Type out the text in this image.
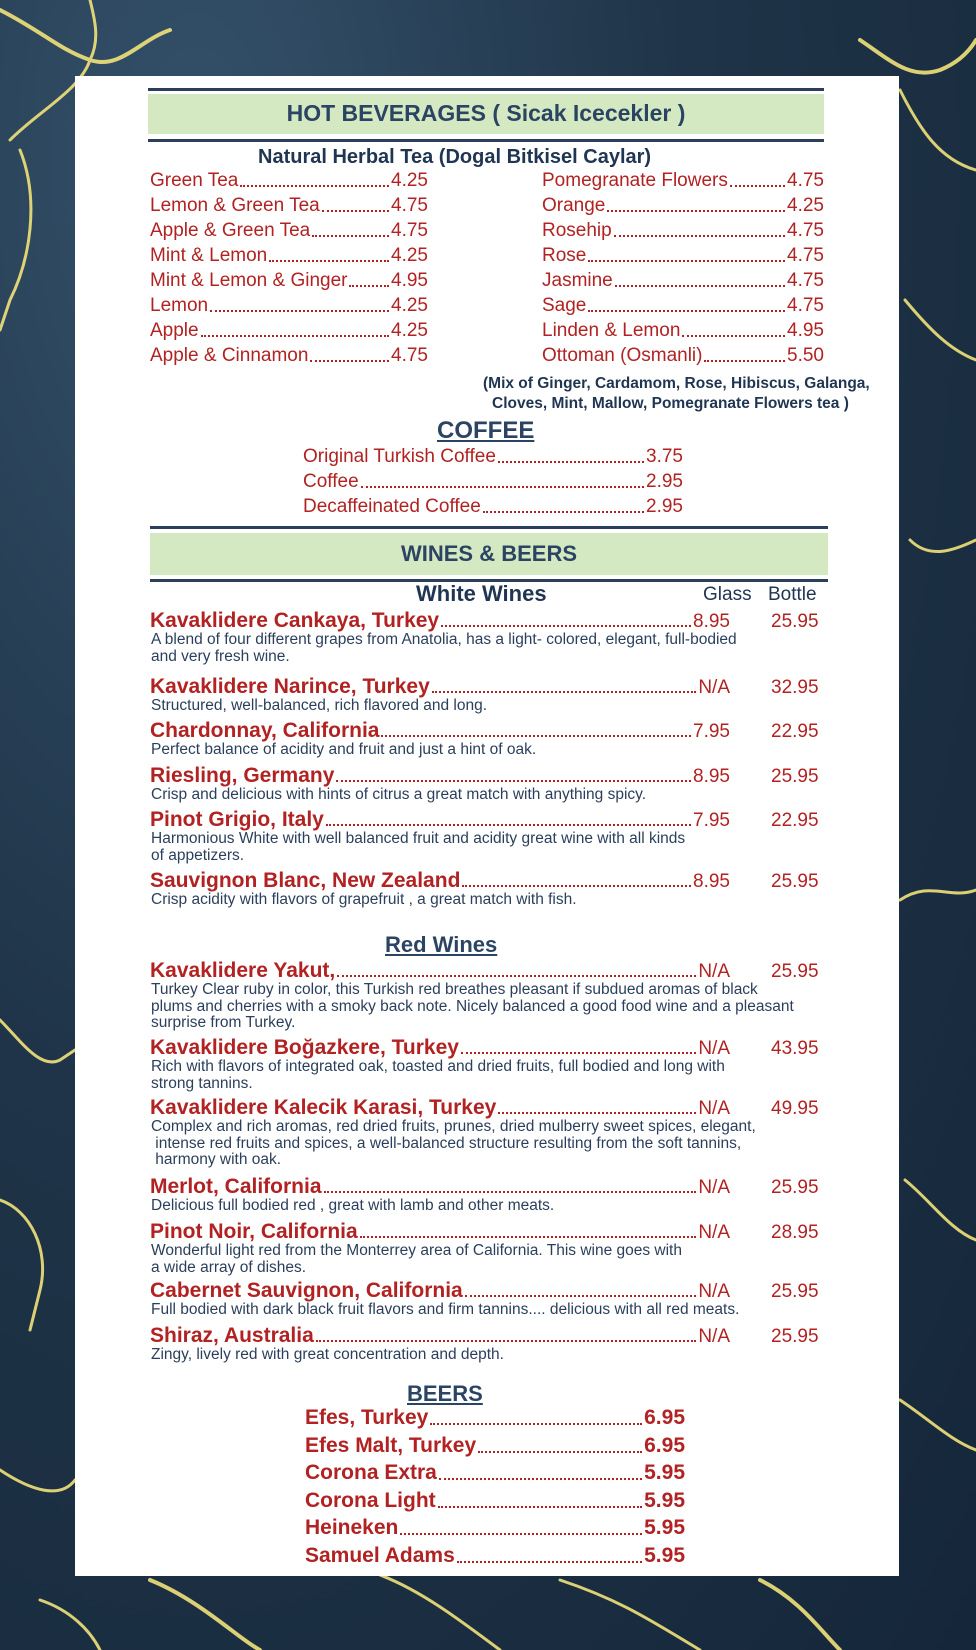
HOT BEVERAGES ( Sicak Icecekler )
Natural Herbal Tea (Dogal Bitkisel Caylar)
Green Tea	4.25
Lemon & Green Tea	4.75
Apple & Green Tea	4.75
Mint & Lemon	4.25
Mint & Lemon & Ginger 4.95
Lemon	4.25
Apple	4.25
Apple & Cinnamon	4.75
Pomegranate Flowers	4.75
Orange	4.25
Rosehip	4.75
Rose	4.75
Jasmine	4.75
Sage	4.75
Linden & Lemon	4.95
Ottoman (Osmanli)	5.50
(Mix of Ginger, Cardamom, Rose, Hibiscus, Galanga,
Cloves, Mint, Mallow, Pomegranate Flowers tea )
COFFEE
Original Turkish Coffee	3.75
Coffee	2.95
Decaffeinated Coffee	2.95
WINES & BEERS
White Wines	Glass Bottle
Kavaklidere Cankaya, Turkey	8.95 25.95
A blend of four different grapes from Anatolia, has a light- colored, elegant, full-bodied
and very fresh wine.
Kavaklidere Narince, Turkey	N/A 32.95
Structured, well-balanced, rich flavored and long.
Chardonnay, California	7.95 22.95
Perfect balance of acidity and fruit and just a hint of oak.
Riesling, Germany	8.95 25.95
Crisp and delicious with hints of citrus a great match with anything spicy.
Pinot Grigio, Italy	7.95 22.95
Harmonious White with well balanced fruit and acidity great wine with all kinds
of appetizers.
Sauvignon Blanc, New Zealand	8.95 25.95
Crisp acidity with flavors of grapefruit , a great match with fish.
Red Wines
Kavaklidere Yakut,	N/A 25.95
Turkey Clear ruby in color, this Turkish red breathes pleasant if subdued aromas of black
plums and cherries with a smoky back note. Nicely balanced a good food wine and a pleasant
surprise from Turkey.
Kavaklidere Boğazkere, Turkey	N/A 43.95
Rich with flavors of integrated oak, toasted and dried fruits, full bodied and long with
strong tannins.
Kavaklidere Kalecik Karasi, Turkey	N/A 49.95
Complex and rich aromas, red dried fruits, prunes, dried mulberry sweet spices, elegant,
intense red fruits and spices, a well-balanced structure resulting from the soft tannins,
harmony with oak.
Merlot, California	N/A 25.95
Delicious full bodied red , great with lamb and other meats.
Pinot Noir, California	N/A 28.95
Wonderful light red from the Monterrey area of California. This wine goes with
a wide array of dishes.
Cabernet Sauvignon, California	N/A 25.95
Full bodied with dark black fruit flavors and firm tannins.... delicious with all red meats.
Shiraz, Australia	N/A 25.95
Zingy, lively red with great concentration and depth.
BEERS
Efes, Turkey	6.95
Efes Malt, Turkey	6.95
Corona Extra	5.95
Corona Light	5.95
Heineken	5.95
Samuel Adams	5.95
